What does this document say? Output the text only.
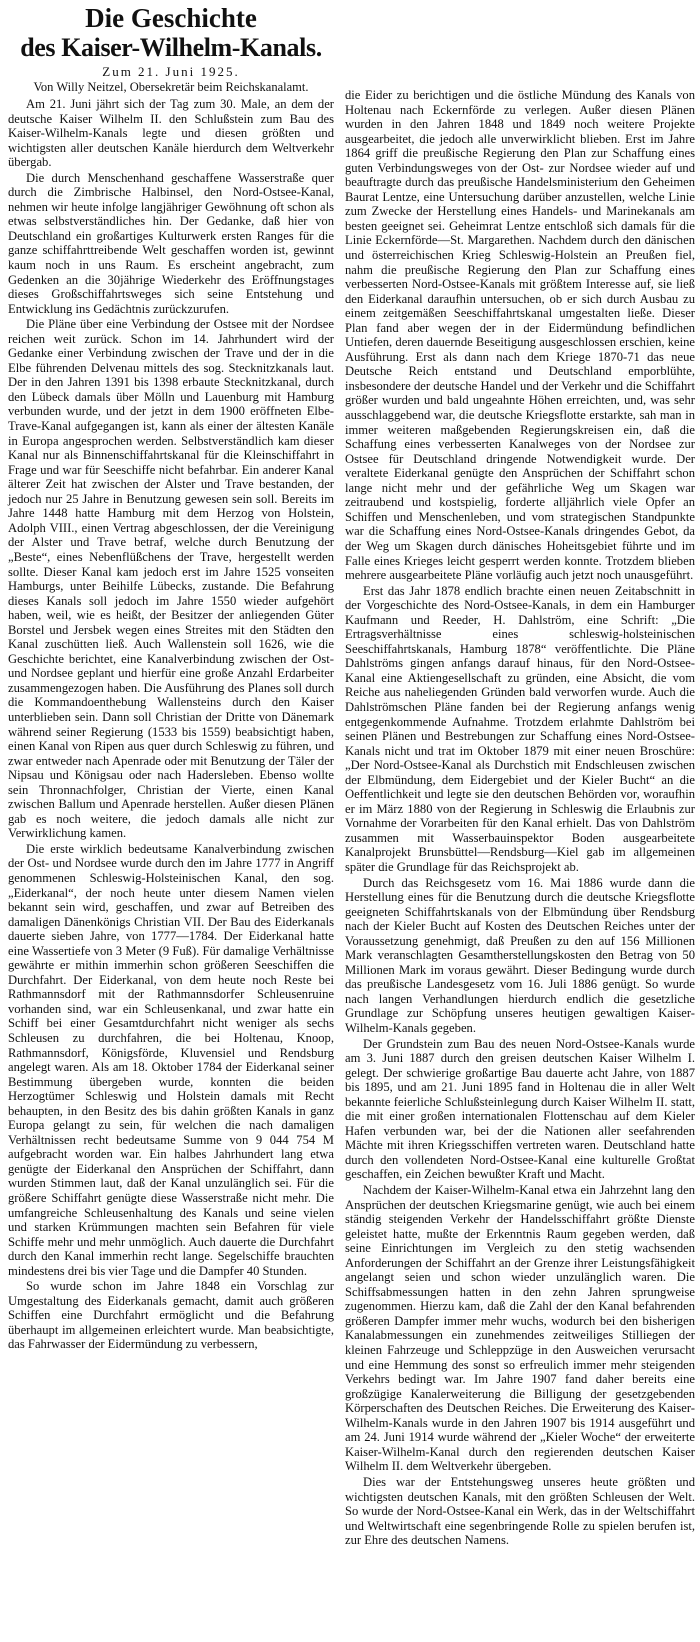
Die Geschichte
des Kaiser-Wilhelm-Kanals.
Zum 21. Juni 1925.
Von Willy Neitzel, Obersekretär beim Reichskanalamt.

Am 21. Juni jährt sich der Tag zum 30. Male, an dem der deutsche Kaiser Wilhelm II. den Schlußstein zum Bau des Kaiser-Wilhelm-Kanals legte und diesen größten und wichtigsten aller deutschen Kanäle hierdurch dem Weltverkehr übergab.

Die durch Menschenhand geschaffene Wasserstraße quer durch die Zimbrische Halbinsel, den Nord-Ostsee-Kanal, nehmen wir heute infolge langjähriger Gewöhnung oft schon als etwas selbstverständliches hin. Der Gedanke, daß hier von Deutschland ein großartiges Kulturwerk ersten Ranges für die ganze schiffahrttreibende Welt geschaffen worden ist, gewinnt kaum noch in uns Raum. Es erscheint angebracht, zum Gedenken an die 30jährige Wiederkehr des Eröffnungstages dieses Großschiffahrtsweges sich seine Entstehung und Entwicklung ins Gedächtnis zurückzurufen.

Die Pläne über eine Verbindung der Ostsee mit der Nordsee reichen weit zurück. Schon im 14. Jahrhundert wird der Gedanke einer Verbindung zwischen der Trave und der in die Elbe führenden Delvenau mittels des sog. Stecknitzkanals laut. Der in den Jahren 1391 bis 1398 erbaute Stecknitzkanal, durch den Lübeck damals über Mölln und Lauenburg mit Hamburg verbunden wurde, und der jetzt in dem 1900 eröffneten Elbe-Trave-Kanal aufgegangen ist, kann als einer der ältesten Kanäle in Europa angesprochen werden. Selbstverständlich kam dieser Kanal nur als Binnenschiffahrtskanal für die Kleinschiffahrt in Frage und war für Seeschiffe nicht befahrbar. Ein anderer Kanal älterer Zeit hat zwischen der Alster und Trave bestanden, der jedoch nur 25 Jahre in Benutzung gewesen sein soll. Bereits im Jahre 1448 hatte Hamburg mit dem Herzog von Holstein, Adolph VIII., einen Vertrag abgeschlossen, der die Vereinigung der Alster und Trave betraf, welche durch Benutzung der „Beste“, eines Nebenflüßchens der Trave, hergestellt werden sollte. Dieser Kanal kam jedoch erst im Jahre 1525 vonseiten Hamburgs, unter Beihilfe Lübecks, zustande. Die Befahrung dieses Kanals soll jedoch im Jahre 1550 wieder aufgehört haben, weil, wie es heißt, der Besitzer der anliegenden Güter Borstel und Jersbek wegen eines Streites mit den Städten den Kanal zuschütten ließ. Auch Wallenstein soll 1626, wie die Geschichte berichtet, eine Kanalverbindung zwischen der Ost- und Nordsee geplant und hierfür eine große Anzahl Erdarbeiter zusammengezogen haben. Die Ausführung des Planes soll durch die Kommandoenthebung Wallensteins durch den Kaiser unterblieben sein. Dann soll Christian der Dritte von Dänemark während seiner Regierung (1533 bis 1559) beabsichtigt haben, einen Kanal von Ripen aus quer durch Schleswig zu führen, und zwar entweder nach Apenrade oder mit Benutzung der Täler der Nipsau und Königsau oder nach Hadersleben. Ebenso wollte sein Thronnachfolger, Christian der Vierte, einen Kanal zwischen Ballum und Apenrade herstellen. Außer diesen Plänen gab es noch weitere, die jedoch damals alle nicht zur Verwirklichung kamen.

Die erste wirklich bedeutsame Kanalverbindung zwischen der Ost- und Nordsee wurde durch den im Jahre 1777 in Angriff genommenen Schleswig-Holsteinischen Kanal, den sog. „Eiderkanal“, der noch heute unter diesem Namen vielen bekannt sein wird, geschaffen, und zwar auf Betreiben des damaligen Dänenkönigs Christian VII. Der Bau des Eiderkanals dauerte sieben Jahre, von 1777—1784. Der Eiderkanal hatte eine Wassertiefe von 3 Meter (9 Fuß). Für damalige Verhältnisse gewährte er mithin immerhin schon größeren Seeschiffen die Durchfahrt. Der Eiderkanal, von dem heute noch Reste bei Rathmannsdorf mit der Rathmannsdorfer Schleusenruine vorhanden sind, war ein Schleusenkanal, und zwar hatte ein Schiff bei einer Gesamtdurchfahrt nicht weniger als sechs Schleusen zu durchfahren, die bei Holtenau, Knoop, Rathmannsdorf, Königsförde, Kluvensiel und Rendsburg angelegt waren. Als am 18. Oktober 1784 der Eiderkanal seiner Bestimmung übergeben wurde, konnten die beiden Herzogtümer Schleswig und Holstein damals mit Recht behaupten, in den Besitz des bis dahin größten Kanals in ganz Europa gelangt zu sein, für welchen die nach damaligen Verhältnissen recht bedeutsame Summe von 9 044 754 M aufgebracht worden war. Ein halbes Jahrhundert lang etwa genügte der Eiderkanal den Ansprüchen der Schiffahrt, dann wurden Stimmen laut, daß der Kanal unzulänglich sei. Für die größere Schiffahrt genügte diese Wasserstraße nicht mehr. Die umfangreiche Schleusenhaltung des Kanals und seine vielen und starken Krümmungen machten sein Befahren für viele Schiffe mehr und mehr unmöglich. Auch dauerte die Durchfahrt durch den Kanal immerhin recht lange. Segelschiffe brauchten mindestens drei bis vier Tage und die Dampfer 40 Stunden.

So wurde schon im Jahre 1848 ein Vorschlag zur Umgestaltung des Eiderkanals gemacht, damit auch größeren Schiffen eine Durchfahrt ermöglicht und die Befahrung überhaupt im allgemeinen erleichtert wurde. Man beabsichtigte, das Fahrwasser der Eidermündung zu verbessern,

die Eider zu berichtigen und die östliche Mündung des Kanals von Holtenau nach Eckernförde zu verlegen. Außer diesen Plänen wurden in den Jahren 1848 und 1849 noch weitere Projekte ausgearbeitet, die jedoch alle unverwirklicht blieben. Erst im Jahre 1864 griff die preußische Regierung den Plan zur Schaffung eines guten Verbindungsweges von der Ost- zur Nordsee wieder auf und beauftragte durch das preußische Handelsministerium den Geheimen Baurat Lentze, eine Untersuchung darüber anzustellen, welche Linie zum Zwecke der Herstellung eines Handels- und Marinekanals am besten geeignet sei. Geheimrat Lentze entschloß sich damals für die Linie Eckernförde—St. Margarethen. Nachdem durch den dänischen und österreichischen Krieg Schleswig-Holstein an Preußen fiel, nahm die preußische Regierung den Plan zur Schaffung eines verbesserten Nord-Ostsee-Kanals mit größtem Interesse auf, sie ließ den Eiderkanal daraufhin untersuchen, ob er sich durch Ausbau zu einem zeitgemäßen Seeschiffahrtskanal umgestalten ließe. Dieser Plan fand aber wegen der in der Eidermündung befindlichen Untiefen, deren dauernde Beseitigung ausgeschlossen erschien, keine Ausführung. Erst als dann nach dem Kriege 1870-71 das neue Deutsche Reich entstand und Deutschland emporblühte, insbesondere der deutsche Handel und der Verkehr und die Schiffahrt größer wurden und bald ungeahnte Höhen erreichten, und, was sehr ausschlaggebend war, die deutsche Kriegsflotte erstarkte, sah man in immer weiteren maßgebenden Regierungskreisen ein, daß die Schaffung eines verbesserten Kanalweges von der Nordsee zur Ostsee für Deutschland dringende Notwendigkeit wurde. Der veraltete Eiderkanal genügte den Ansprüchen der Schiffahrt schon lange nicht mehr und der gefährliche Weg um Skagen war zeitraubend und kostspielig, forderte alljährlich viele Opfer an Schiffen und Menschenleben, und vom strategischen Standpunkte war die Schaffung eines Nord-Ostsee-Kanals dringendes Gebot, da der Weg um Skagen durch dänisches Hoheitsgebiet führte und im Falle eines Krieges leicht gesperrt werden konnte. Trotzdem blieben mehrere ausgearbeitete Pläne vorläufig auch jetzt noch unausgeführt.

Erst das Jahr 1878 endlich brachte einen neuen Zeitabschnitt in der Vorgeschichte des Nord-Ostsee-Kanals, in dem ein Hamburger Kaufmann und Reeder, H. Dahlström, eine Schrift: „Die Ertragsverhältnisse eines schleswig-holsteinischen Seeschiffahrtskanals, Hamburg 1878“ veröffentlichte. Die Pläne Dahlströms gingen anfangs darauf hinaus, für den Nord-Ostsee-Kanal eine Aktiengesellschaft zu gründen, eine Absicht, die vom Reiche aus naheliegenden Gründen bald verworfen wurde. Auch die Dahlströmschen Pläne fanden bei der Regierung anfangs wenig entgegenkommende Aufnahme. Trotzdem erlahmte Dahlström bei seinen Plänen und Bestrebungen zur Schaffung eines Nord-Ostsee-Kanals nicht und trat im Oktober 1879 mit einer neuen Broschüre: „Der Nord-Ostsee-Kanal als Durchstich mit Endschleusen zwischen der Elbmündung, dem Eidergebiet und der Kieler Bucht“ an die Oeffentlichkeit und legte sie den deutschen Behörden vor, woraufhin er im März 1880 von der Regierung in Schleswig die Erlaubnis zur Vornahme der Vorarbeiten für den Kanal erhielt. Das von Dahlström zusammen mit Wasserbauinspektor Boden ausgearbeitete Kanalprojekt Brunsbüttel—Rendsburg—Kiel gab im allgemeinen später die Grundlage für das Reichsprojekt ab.

Durch das Reichsgesetz vom 16. Mai 1886 wurde dann die Herstellung eines für die Benutzung durch die deutsche Kriegsflotte geeigneten Schiffahrtskanals von der Elbmündung über Rendsburg nach der Kieler Bucht auf Kosten des Deutschen Reiches unter der Voraussetzung genehmigt, daß Preußen zu den auf 156 Millionen Mark veranschlagten Gesamtherstellungskosten den Betrag von 50 Millionen Mark im voraus gewährt. Dieser Bedingung wurde durch das preußische Landesgesetz vom 16. Juli 1886 genügt. So wurde nach langen Verhandlungen hierdurch endlich die gesetzliche Grundlage zur Schöpfung unseres heutigen gewaltigen Kaiser-Wilhelm-Kanals gegeben.

Der Grundstein zum Bau des neuen Nord-Ostsee-Kanals wurde am 3. Juni 1887 durch den greisen deutschen Kaiser Wilhelm I. gelegt. Der schwierige großartige Bau dauerte acht Jahre, von 1887 bis 1895, und am 21. Juni 1895 fand in Holtenau die in aller Welt bekannte feierliche Schlußsteinlegung durch Kaiser Wilhelm II. statt, die mit einer großen internationalen Flottenschau auf dem Kieler Hafen verbunden war, bei der die Nationen aller seefahrenden Mächte mit ihren Kriegsschiffen vertreten waren. Deutschland hatte durch den vollendeten Nord-Ostsee-Kanal eine kulturelle Großtat geschaffen, ein Zeichen bewußter Kraft und Macht.

Nachdem der Kaiser-Wilhelm-Kanal etwa ein Jahrzehnt lang den Ansprüchen der deutschen Kriegsmarine genügt, wie auch bei einem ständig steigenden Verkehr der Handelsschiffahrt größte Dienste geleistet hatte, mußte der Erkenntnis Raum gegeben werden, daß seine Einrichtungen im Vergleich zu den stetig wachsenden Anforderungen der Schiffahrt an der Grenze ihrer Leistungsfähigkeit angelangt seien und schon wieder unzulänglich waren. Die Schiffsabmessungen hatten in den zehn Jahren sprungweise zugenommen. Hierzu kam, daß die Zahl der den Kanal befahrenden größeren Dampfer immer mehr wuchs, wodurch bei den bisherigen Kanalabmessungen ein zunehmendes zeitweiliges Stilliegen der kleinen Fahrzeuge und Schleppzüge in den Ausweichen verursacht und eine Hemmung des sonst so erfreulich immer mehr steigenden Verkehrs bedingt war. Im Jahre 1907 fand daher bereits eine großzügige Kanalerweiterung die Billigung der gesetzgebenden Körperschaften des Deutschen Reiches. Die Erweiterung des Kaiser-Wilhelm-Kanals wurde in den Jahren 1907 bis 1914 ausgeführt und am 24. Juni 1914 wurde während der „Kieler Woche“ der erweiterte Kaiser-Wilhelm-Kanal durch den regierenden deutschen Kaiser Wilhelm II. dem Weltverkehr übergeben.

Dies war der Entstehungsweg unseres heute größten und wichtigsten deutschen Kanals, mit den größten Schleusen der Welt. So wurde der Nord-Ostsee-Kanal ein Werk, das in der Weltschiffahrt und Weltwirtschaft eine segenbringende Rolle zu spielen berufen ist, zur Ehre des deutschen Namens.
